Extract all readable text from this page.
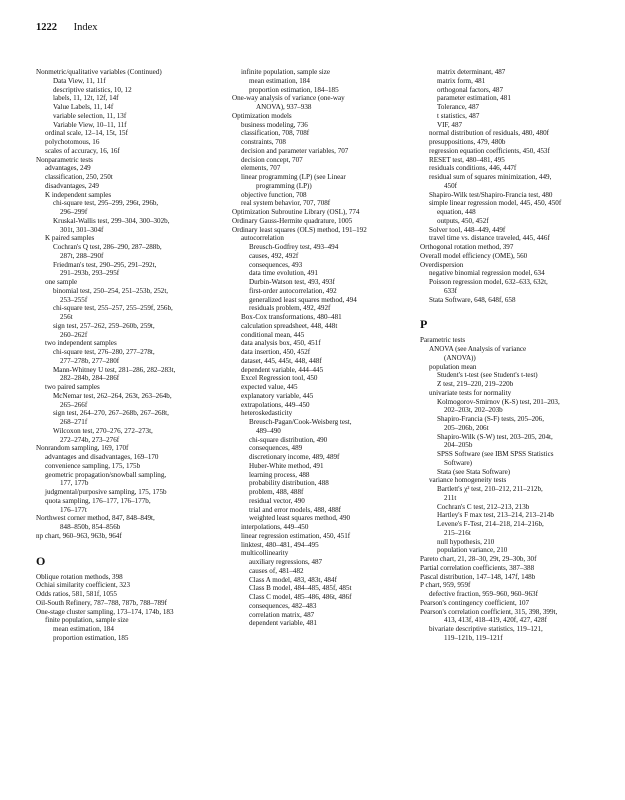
1222 Index
Nonmetric/qualitative variables (Continued)
Data View, 11, 11f
descriptive statistics, 10, 12
labels, 11, 12t, 12f, 14f
Value Labels, 11, 14f
variable selection, 11, 13f
Variable View, 10–11, 11f
ordinal scale, 12–14, 15t, 15f
polychotomous, 16
scales of accuracy, 16, 16f
Nonparametric tests
advantages, 249
classification, 250, 250t
disadvantages, 249
K independent samples
chi-square test, 295–299, 296t, 296b,
296–299f
Kruskal-Wallis test, 299–304, 300–302b,
301t, 301–304f
K paired samples
Cochran's Q test, 286–290, 287–288b,
287t, 288–290f
Friedman's test, 290–295, 291–292t,
291–293b, 293–295f
one sample
binomial test, 250–254, 251–253b, 252t,
253–255f
chi-square test, 255–257, 255–259f, 256b,
256t
sign test, 257–262, 259–260b, 259t,
260–262f
two independent samples
chi-square test, 276–280, 277–278t,
277–278b, 277–280f
Mann-Whitney U test, 281–286, 282–283t,
282–284b, 284–286f
two paired samples
McNemar test, 262–264, 263t, 263–264b,
265–266f
sign test, 264–270, 267–268b, 267–268t,
268–271f
Wilcoxon test, 270–276, 272–273t,
272–274b, 273–276f
Nonrandom sampling, 169, 170f
advantages and disadvantages, 169–170
convenience sampling, 175, 175b
geometric propagation/snowball sampling,
177, 177b
judgmental/purposive sampling, 175, 175b
quota sampling, 176–177, 176–177b,
176–177t
Northwest corner method, 847, 848–849t,
848–850b, 854–856b
np chart, 960–963, 963b, 964f
O
Oblique rotation methods, 398
Ochiai similarity coefficient, 323
Odds ratios, 581, 581f, 1055
Oil-South Refinery, 787–788, 787b, 788–789f
One-stage cluster sampling, 173–174, 174b, 183
finite population, sample size
mean estimation, 184
proportion estimation, 185
infinite population, sample size
mean estimation, 184
proportion estimation, 184–185
One-way analysis of variance (one-way
ANOVA), 937–938
Optimization models
business modeling, 736
classification, 708, 708f
constraints, 708
decision and parameter variables, 707
decision concept, 707
elements, 707
linear programming (LP) (see Linear
programming (LP))
objective function, 708
real system behavior, 707, 708f
Optimization Subroutine Library (OSL), 774
Ordinary Gauss-Hermite quadrature, 1005
Ordinary least squares (OLS) method, 191–192
autocorrelation
Breusch-Godfrey test, 493–494
causes, 492, 492f
consequences, 493
data time evolution, 491
Durbin-Watson test, 493, 493f
first-order autocorrelation, 492
generalized least squares method, 494
residuals problem, 492, 492f
Box-Cox transformations, 480–481
calculation spreadsheet, 448, 448t
conditional mean, 445
data analysis box, 450, 451f
data insertion, 450, 452f
dataset, 445, 445t, 448, 448f
dependent variable, 444–445
Excel Regression tool, 450
expected value, 445
explanatory variable, 445
extrapolations, 449–450
heteroskedasticity
Breusch-Pagan/Cook-Weisberg test,
489–490
chi-square distribution, 490
consequences, 489
discretionary income, 489, 489f
Huber-White method, 491
learning process, 488
probability distribution, 488
problem, 488, 488f
residual vector, 490
trial and error models, 488, 488f
weighted least squares method, 490
interpolations, 449–450
linear regression estimation, 450, 451f
linktest, 480–481, 494–495
multicollinearity
auxiliary regressions, 487
causes of, 481–482
Class A model, 483, 483t, 484f
Class B model, 484–485, 485f, 485t
Class C model, 485–486, 486t, 486f
consequences, 482–483
correlation matrix, 487
dependent variable, 481
matrix determinant, 487
matrix form, 481
orthogonal factors, 487
parameter estimation, 481
Tolerance, 487
t statistics, 487
VIF, 487
normal distribution of residuals, 480, 480f
presuppositions, 479, 480b
regression equation coefficients, 450, 453f
RESET test, 480–481, 495
residuals conditions, 446, 447f
residual sum of squares minimization, 449,
450f
Shapiro-Wilk test/Shapiro-Francia test, 480
simple linear regression model, 445, 450, 450f
equation, 448
outputs, 450, 452f
Solver tool, 448–449, 449f
travel time vs. distance traveled, 445, 446f
Orthogonal rotation method, 397
Overall model efficiency (OME), 560
Overdispersion
negative binomial regression model, 634
Poisson regression model, 632–633, 632t,
633f
Stata Software, 648, 648f, 658
P
Parametric tests
ANOVA (see Analysis of variance
(ANOVA))
population mean
Student's t-test (see Student's t-test)
Z test, 219–220, 219–220b
univariate tests for normality
Kolmogorov-Smirnov (K-S) test, 201–203,
202–203t, 202–203b
Shapiro-Francia (S-F) tests, 205–206,
205–206b, 206t
Shapiro-Wilk (S-W) test, 203–205, 204t,
204–205b
SPSS Software (see IBM SPSS Statistics
Software)
Stata (see Stata Software)
variance homogeneity tests
Bartlett's χ² test, 210–212, 211–212b,
211t
Cochran's C test, 212–213, 213b
Hartley's F max test, 213–214, 213–214b
Levene's F-Test, 214–218, 214–216b,
215–216t
null hypothesis, 210
population variance, 210
Pareto chart, 21, 28–30, 29t, 29–30b, 30f
Partial correlation coefficients, 387–388
Pascal distribution, 147–148, 147f, 148b
P chart, 959, 959f
defective fraction, 959–960, 960–963f
Pearson's contingency coefficient, 107
Pearson's correlation coefficient, 315, 398, 399t,
413, 413f, 418–419, 420f, 427, 428f
bivariate descriptive statistics, 119–121,
119–121b, 119–121f
